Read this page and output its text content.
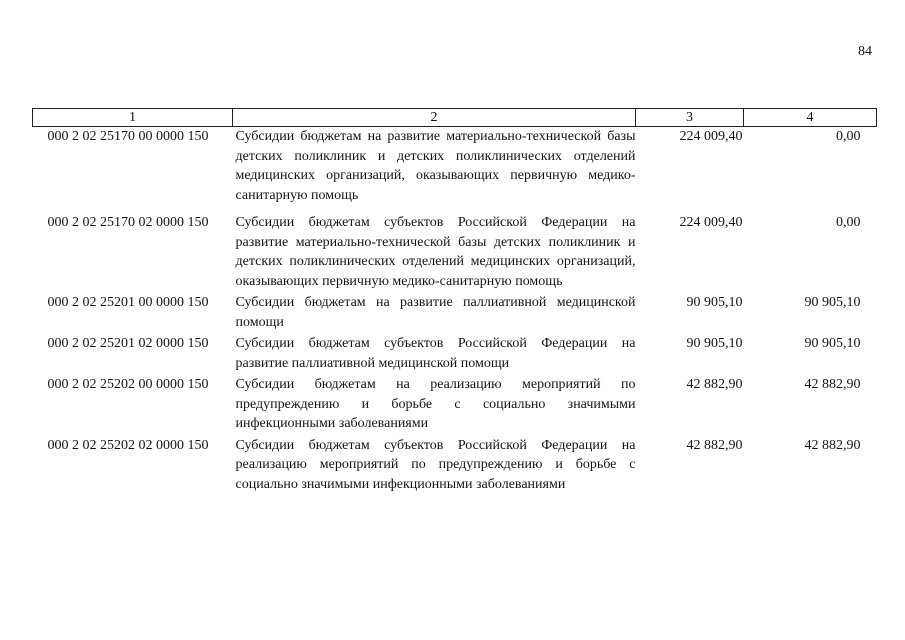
84
1	2	3	4
000 2 02 25170 00 0000 150	Субсидии бюджетам на развитие материально-технической базы детских поликлиник и детских поликлинических отделений медицинских организаций, оказывающих первичную медико-санитарную помощь	224 009,40	0,00
000 2 02 25170 02 0000 150	Субсидии бюджетам субъектов Российской Федерации на развитие материально-технической базы детских поликлиник и детских поликлинических отделений медицинских организаций, оказывающих первичную медико-санитарную помощь	224 009,40	0,00
000 2 02 25201 00 0000 150	Субсидии бюджетам на развитие паллиативной медицинской помощи	90 905,10	90 905,10
000 2 02 25201 02 0000 150	Субсидии бюджетам субъектов Российской Федерации на развитие паллиативной медицинской помощи	90 905,10	90 905,10
000 2 02 25202 00 0000 150	Субсидии бюджетам на реализацию мероприятий по предупреждению и борьбе с социально значимыми инфекционными заболеваниями	42 882,90	42 882,90
000 2 02 25202 02 0000 150	Субсидии бюджетам субъектов Российской Федерации на реализацию мероприятий по предупреждению и борьбе с социально значимыми инфекционными заболеваниями	42 882,90	42 882,90
